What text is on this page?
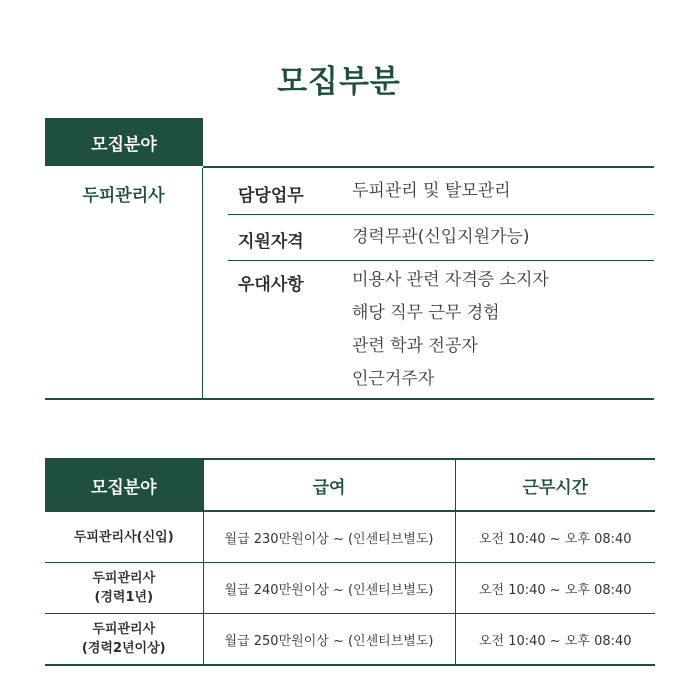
모집부분
모집분야
두피관리사	담당업무	두피관리 및 탈모관리
지원자격	경력무관(신입지원가능)
우대사항	미용사 관련 자격증 소지자
해당 직무 근무 경험
관련 학과 전공자
인근거주자
모집분야	급여	근무시간

두피관리사(신입)	월급 230만원이상 ~ (인센티브별도)	오전 10:40 ~ 오후 08:40

두피관리사
(경력1년)	월급 240만원이상 ~ (인센티브별도)	오전 10:40 ~ 오후 08:40

두피관리사
(경력2년이상)	월급 250만원이상 ~ (인센티브별도)	오전 10:40 ~ 오후 08:40
